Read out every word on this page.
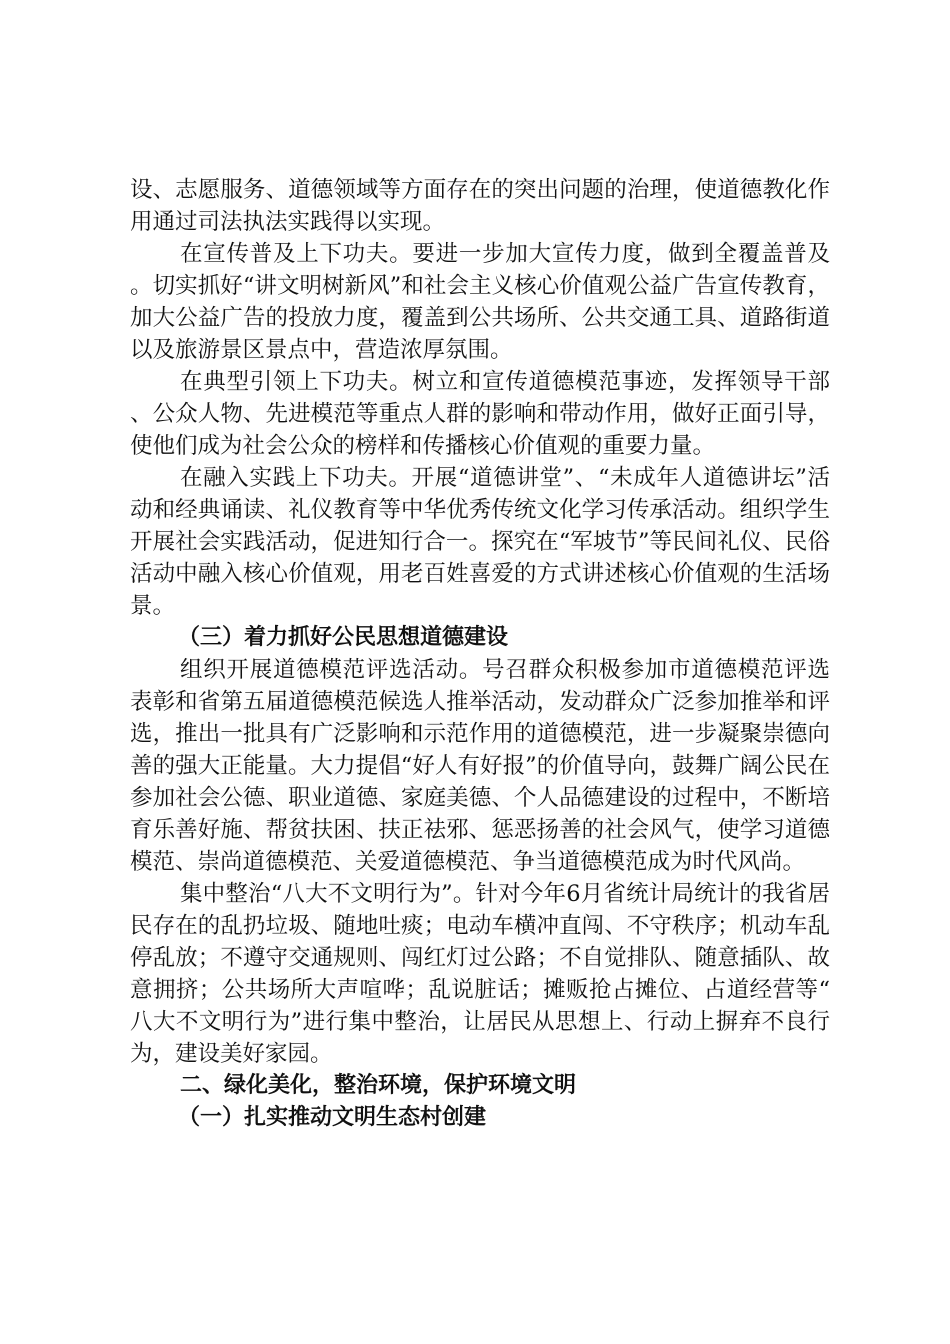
设、志愿服务、道德领域等方面存在的突出问题的治理，使道德教化作用通过司法执法实践得以实现。

在宣传普及上下功夫。要进一步加大宣传力度，做到全覆盖普及。切实抓好“讲文明树新风”和社会主义核心价值观公益广告宣传教育，加大公益广告的投放力度，覆盖到公共场所、公共交通工具、道路街道以及旅游景区景点中，营造浓厚氛围。

在典型引领上下功夫。树立和宣传道德模范事迹，发挥领导干部、公众人物、先进模范等重点人群的影响和带动作用，做好正面引导，使他们成为社会公众的榜样和传播核心价值观的重要力量。

在融入实践上下功夫。开展“道德讲堂”、“未成年人道德讲坛”活动和经典诵读、礼仪教育等中华优秀传统文化学习传承活动。组织学生开展社会实践活动，促进知行合一。探究在“军坡节”等民间礼仪、民俗活动中融入核心价值观，用老百姓喜爱的方式讲述核心价值观的生活场景。

（三）着力抓好公民思想道德建设

组织开展道德模范评选活动。号召群众积极参加市道德模范评选表彰和省第五届道德模范候选人推举活动，发动群众广泛参加推举和评选，推出一批具有广泛影响和示范作用的道德模范，进一步凝聚崇德向善的强大正能量。大力提倡“好人有好报”的价值导向，鼓舞广阔公民在参加社会公德、职业道德、家庭美德、个人品德建设的过程中，不断培育乐善好施、帮贫扶困、扶正祛邪、惩恶扬善的社会风气，使学习道德模范、崇尚道德模范、关爱道德模范、争当道德模范成为时代风尚。

集中整治“八大不文明行为”。针对今年6月省统计局统计的我省居民存在的乱扔垃圾、随地吐痰；电动车横冲直闯、不守秩序；机动车乱停乱放；不遵守交通规则、闯红灯过公路；不自觉排队、随意插队、故意拥挤；公共场所大声喧哗；乱说脏话；摊贩抢占摊位、占道经营等“八大不文明行为”进行集中整治，让居民从思想上、行动上摒弃不良行为，建设美好家园。

二、绿化美化，整治环境，保护环境文明
（一）扎实推动文明生态村创建
